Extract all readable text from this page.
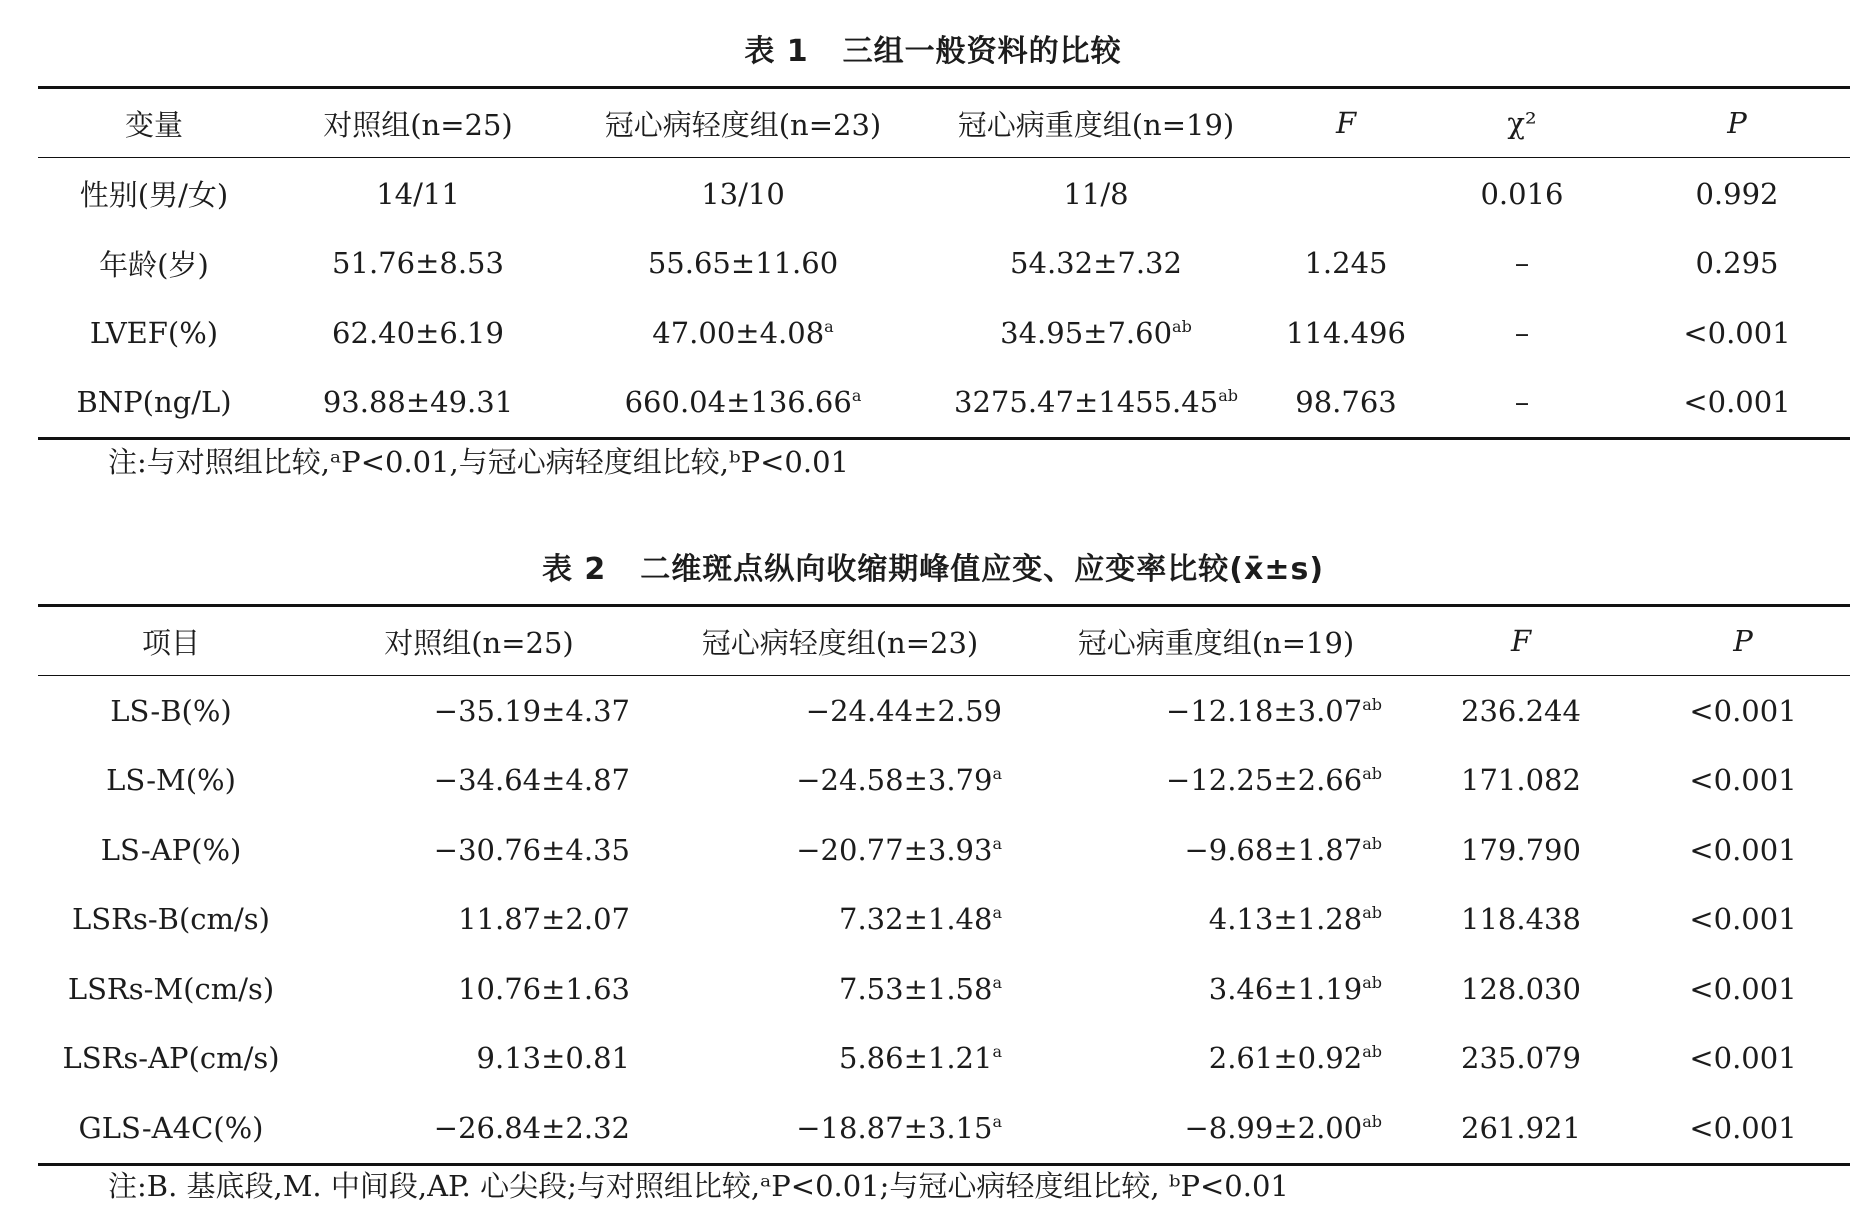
表 1 三组一般资料的比较
变量	对照组(n=25)	冠心病轻度组(n=23)	冠心病重度组(n=19)	F	χ²	P
性别(男/女)	14/11	13/10	11/8		0.016	0.992
年龄(岁)	51.76±8.53	55.65±11.60	54.32±7.32	1.245	–	0.295
LVEF(%)	62.40±6.19	47.00±4.08$^a$	34.95±7.60$^{ab}$	114.496	–	<0.001
BNP(ng/L)	93.88±49.31	660.04±136.66$^a$	3275.47±1455.45$^{ab}$	98.763	–	<0.001
注:与对照组比较,ᵃP<0.01,与冠心病轻度组比较,ᵇP<0.01
表 2 二维斑点纵向收缩期峰值应变、应变率比较(x̄±s)
项目	对照组(n=25)	冠心病轻度组(n=23)	冠心病重度组(n=19)	F	P
LS-B(%)	−35.19±4.37	−24.44±2.59	−12.18±3.07$^{ab}$	236.244	<0.001
LS-M(%)	−34.64±4.87	−24.58±3.79$^a$	−12.25±2.66$^{ab}$	171.082	<0.001
LS-AP(%)	−30.76±4.35	−20.77±3.93$^a$	−9.68±1.87$^{ab}$	179.790	<0.001
LSRs-B(cm/s)	11.87±2.07	7.32±1.48$^a$	4.13±1.28$^{ab}$	118.438	<0.001
LSRs-M(cm/s)	10.76±1.63	7.53±1.58$^a$	3.46±1.19$^{ab}$	128.030	<0.001
LSRs-AP(cm/s)	9.13±0.81	5.86±1.21$^a$	2.61±0.92$^{ab}$	235.079	<0.001
GLS-A4C(%)	−26.84±2.32	−18.87±3.15$^a$	−8.99±2.00$^{ab}$	261.921	<0.001
注:B. 基底段,M. 中间段,AP. 心尖段;与对照组比较,ᵃP<0.01;与冠心病轻度组比较, ᵇP<0.01
